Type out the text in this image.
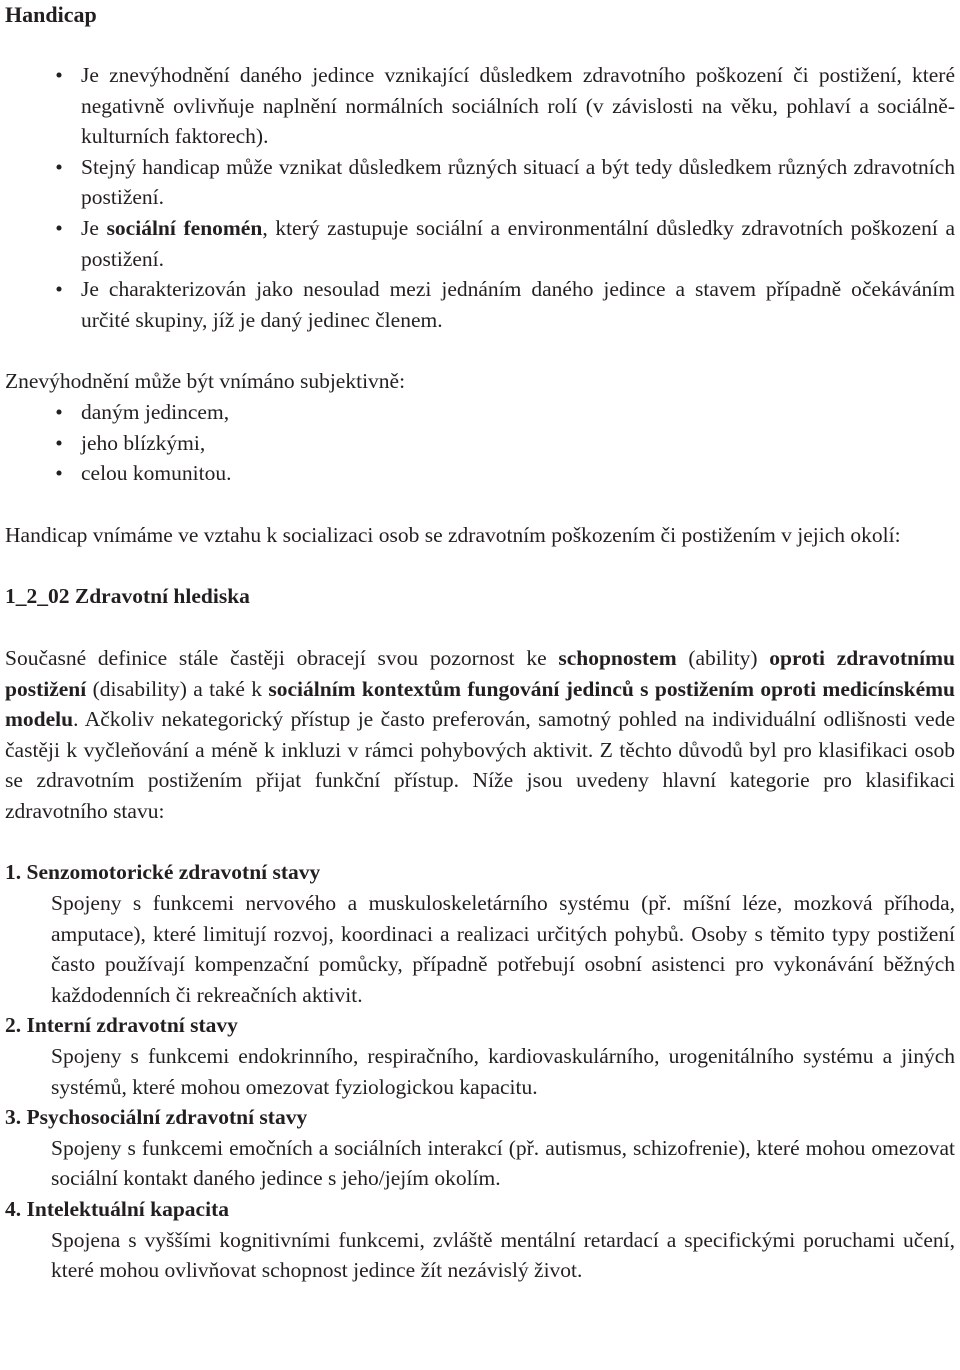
Handicap
• Je znevýhodnění daného jedince vznikající důsledkem zdravotního poškození či postižení, které negativně ovlivňuje naplnění normálních sociálních rolí (v závislosti na věku, pohlaví a sociálně-kulturních faktorech).
• Stejný handicap může vznikat důsledkem různých situací a být tedy důsledkem různých zdravotních postižení.
• Je sociální fenomén, který zastupuje sociální a environmentální důsledky zdravotních poškození a postižení.
• Je charakterizován jako nesoulad mezi jednáním daného jedince a stavem případně očekáváním určité skupiny, jíž je daný jedinec členem.

Znevýhodnění může být vnímáno subjektivně:

• daným jedincem,
• jeho blízkými,
• celou komunitou.

Handicap vnímáme ve vztahu k socializaci osob se zdravotním poškozením či postižením v jejich okolí:

1_2_02 Zdravotní hlediska

Současné definice stále častěji obracejí svou pozornost ke schopnostem (ability) oproti zdravotnímu postižení (disability) a také k sociálním kontextům fungování jedinců s postižením oproti medicínskému modelu. Ačkoliv nekategorický přístup je často preferován, samotný pohled na individuální odlišnosti vede častěji k vyčleňování a méně k inkluzi v rámci pohybových aktivit. Z těchto důvodů byl pro klasifikaci osob se zdravotním postižením přijat funkční přístup. Níže jsou uvedeny hlavní kategorie pro klasifikaci zdravotního stavu:

1. Senzomotorické zdravotní stavy

Spojeny s funkcemi nervového a muskuloskeletárního systému (př. míšní léze, mozková příhoda, amputace), které limitují rozvoj, koordinaci a realizaci určitých pohybů. Osoby s těmito typy postižení často používají kompenzační pomůcky, případně potřebují osobní asistenci pro vykonávání běžných každodenních či rekreačních aktivit.

2. Interní zdravotní stavy

Spojeny s funkcemi endokrinního, respiračního, kardiovaskulárního, urogenitálního systému a jiných systémů, které mohou omezovat fyziologickou kapacitu.

3. Psychosociální zdravotní stavy

Spojeny s funkcemi emočních a sociálních interakcí (př. autismus, schizofrenie), které mohou omezovat sociální kontakt daného jedince s jeho/jejím okolím.

4. Intelektuální kapacita

Spojena s vyššími kognitivními funkcemi, zvláště mentální retardací a specifickými poruchami učení, které mohou ovlivňovat schopnost jedince žít nezávislý život.
